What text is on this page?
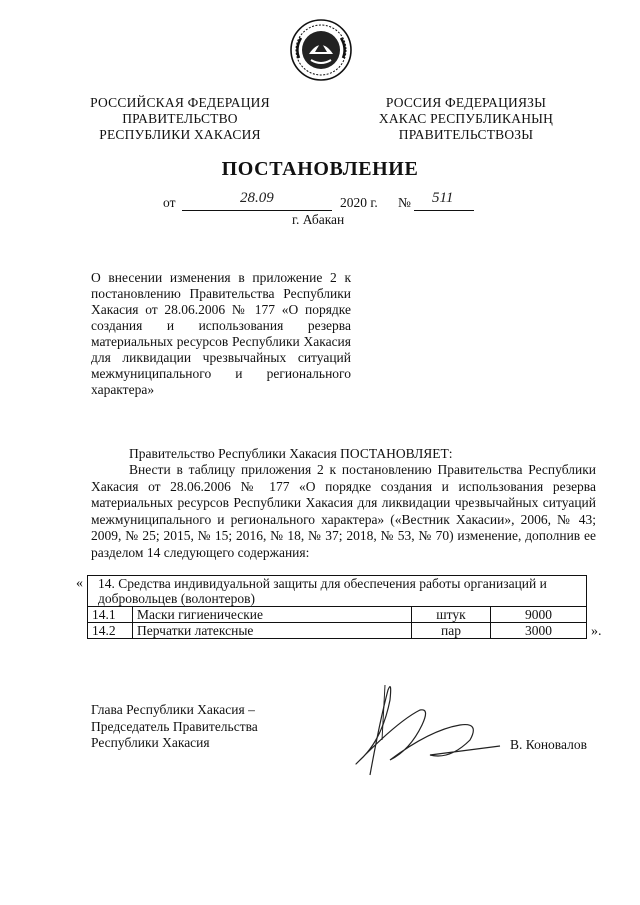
РОССИЙСКАЯ ФЕДЕРАЦИЯ
ПРАВИТЕЛЬСТВО
РЕСПУБЛИКИ ХАКАСИЯ
РОССИЯ ФЕДЕРАЦИЯЗЫ
ХАКАС РЕСПУБЛИКАНЫҢ
ПРАВИТЕЛЬСТВОЗЫ
ПОСТАНОВЛЕНИЕ
от	28.09	2020 г. № 511
г. Абакан
О внесении изменения в приложение 2 к постановлению Правительства Республики Хакасия от 28.06.2006 № 177 «О порядке создания и использования резерва материальных ресурсов Республики Хакасия для ликвидации чрезвычайных ситуаций межмуниципального и регионального характера»
Правительство Республики Хакасия ПОСТАНОВЛЯЕТ:
Внести в таблицу приложения 2 к постановлению Правительства Республики Хакасия от 28.06.2006 № 177 «О порядке создания и использования резерва материальных ресурсов Республики Хакасия для ликвидации чрезвычайных ситуаций межмуниципального и регионального характера» («Вестник Хакасии», 2006, № 43; 2009, № 25; 2015, № 15; 2016, № 18, № 37; 2018, № 53, № 70) изменение, дополнив ее разделом 14 следующего содержания:
« 14. Средства индивидуальной защиты для обеспечения работы организаций и добровольцев (волонтеров)			
14.1	Маски гигиенические	штук	9000
14.2	Перчатки латексные	пар	3000	».
Глава Республики Хакасия –
Председатель Правительства
Республики Хакасия	В. Коновалов
